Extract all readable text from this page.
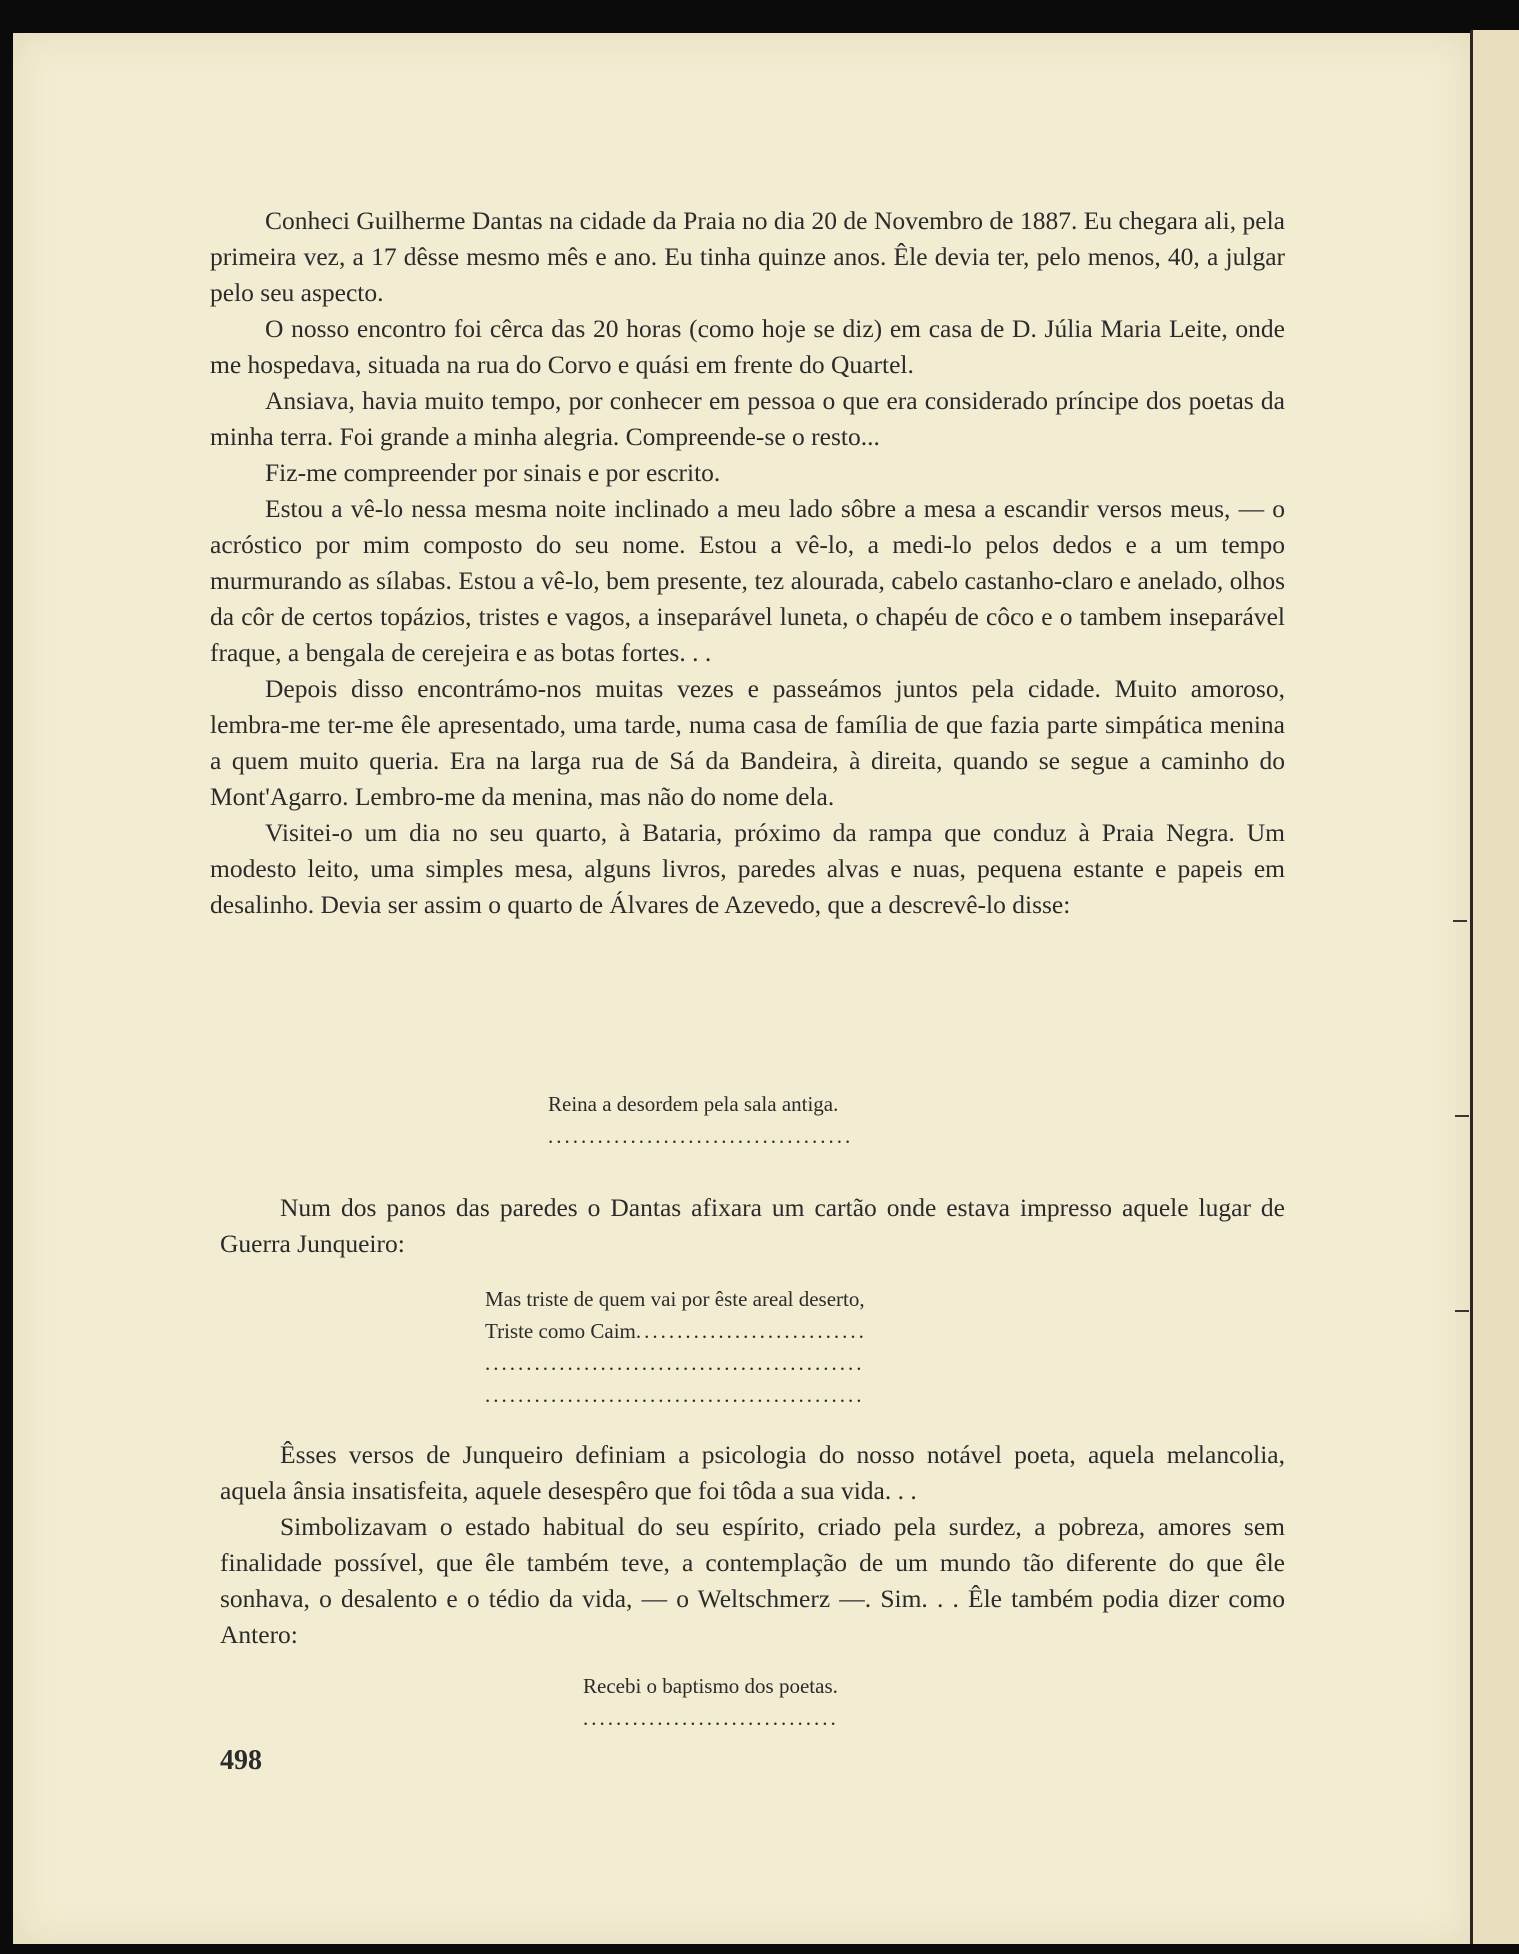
Conheci Guilherme Dantas na cidade da Praia no dia 20 de Novembro de 1887. Eu chegara ali, pela primeira vez, a 17 dêsse mesmo mês e ano. Eu tinha quinze anos. Êle devia ter, pelo menos, 40, a julgar pelo seu aspecto.

O nosso encontro foi cêrca das 20 horas (como hoje se diz) em casa de D. Júlia Maria Leite, onde me hospedava, situada na rua do Corvo e quási em frente do Quartel.

Ansiava, havia muito tempo, por conhecer em pessoa o que era considerado príncipe dos poetas da minha terra. Foi grande a minha alegria. Compreende-se o resto...

Fiz-me compreender por sinais e por escrito.

Estou a vê-lo nessa mesma noite inclinado a meu lado sôbre a mesa a escandir versos meus, — o acróstico por mim composto do seu nome. Estou a vê-lo, a medi-lo pelos dedos e a um tempo murmurando as sílabas. Estou a vê-lo, bem presente, tez alourada, cabelo castanho-claro e anelado, olhos da côr de certos topázios, tristes e vagos, a inseparável luneta, o chapéu de côco e o tambem inseparável fraque, a bengala de cerejeira e as botas fortes. . .

Depois disso encontrámo-nos muitas vezes e passeámos juntos pela cidade. Muito amoroso, lembra-me ter-me êle apresentado, uma tarde, numa casa de família de que fazia parte simpática menina a quem muito queria. Era na larga rua de Sá da Bandeira, à direita, quando se segue a caminho do Mont'Agarro. Lembro-me da menina, mas não do nome dela.

Visitei-o um dia no seu quarto, à Bataria, próximo da rampa que conduz à Praia Negra. Um modesto leito, uma simples mesa, alguns livros, paredes alvas e nuas, pequena estante e papeis em desalinho. Devia ser assim o quarto de Álvares de Azevedo, que a descrevê-lo disse:

Reina a desordem pela sala antiga.
.....................................

Num dos panos das paredes o Dantas afixara um cartão onde estava impresso aquele lugar de Guerra Junqueiro:

Mas triste de quem vai por êste areal deserto,
Triste como Caim............................
..............................................
..............................................

Êsses versos de Junqueiro definiam a psicologia do nosso notável poeta, aquela melancolia, aquela ânsia insatisfeita, aquele desespêro que foi tôda a sua vida. . .

Simbolizavam o estado habitual do seu espírito, criado pela surdez, a pobreza, amores sem finalidade possível, que êle também teve, a contemplação de um mundo tão diferente do que êle sonhava, o desalento e o tédio da vida, — o Weltschmerz —. Sim. . . Êle também podia dizer como Antero:

Recebi o baptismo dos poetas.
...............................
498
